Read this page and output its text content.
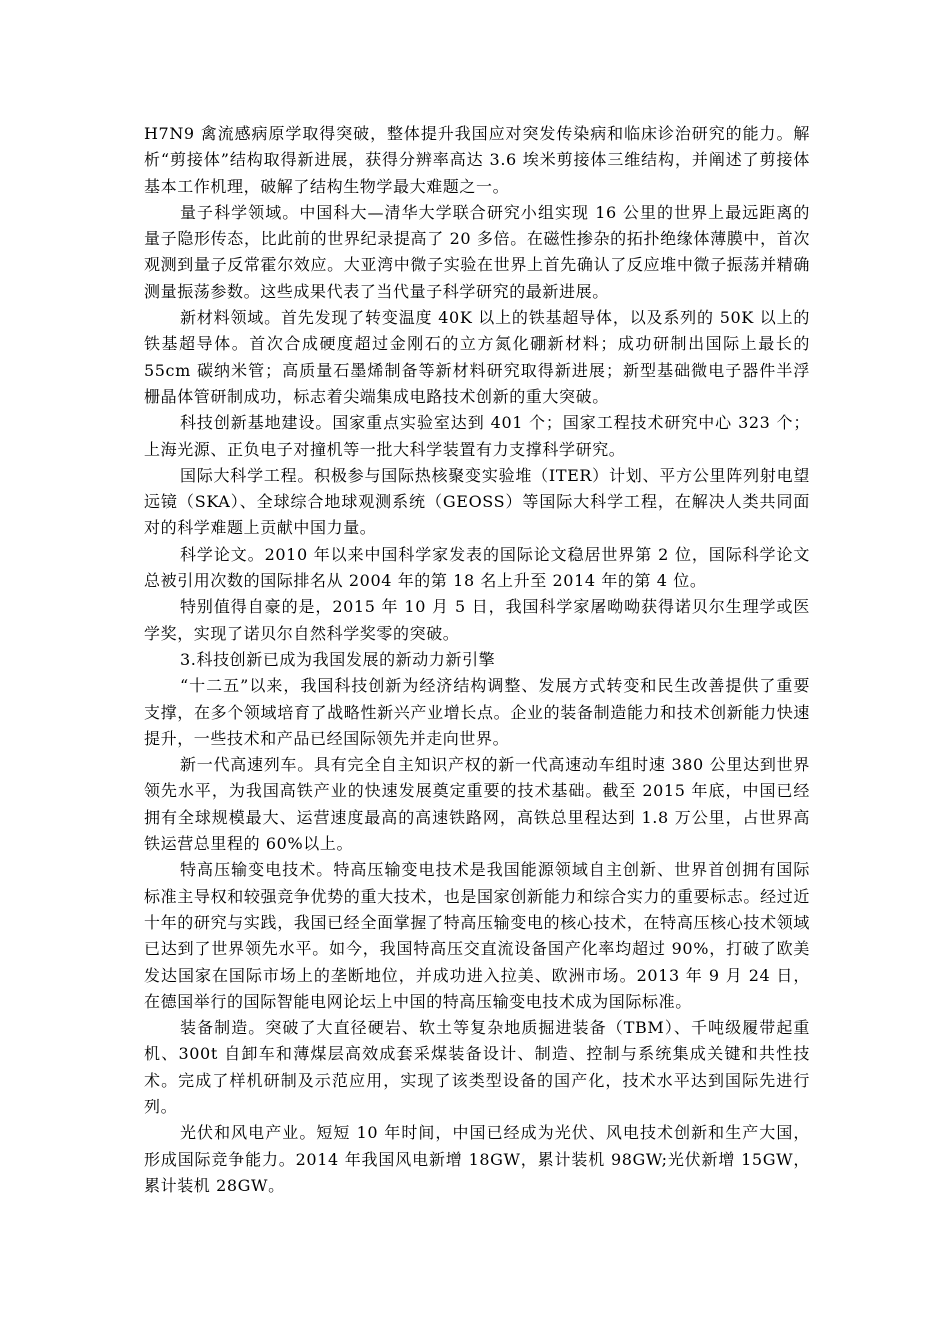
H7N9 禽流感病原学取得突破，整体提升我国应对突发传染病和临床诊治研究的能力。解析“剪接体”结构取得新进展，获得分辨率高达 3.6 埃米剪接体三维结构，并阐述了剪接体基本工作机理，破解了结构生物学最大难题之一。

量子科学领域。中国科大—清华大学联合研究小组实现 16 公里的世界上最远距离的量子隐形传态，比此前的世界纪录提高了 20 多倍。在磁性掺杂的拓扑绝缘体薄膜中，首次观测到量子反常霍尔效应。大亚湾中微子实验在世界上首先确认了反应堆中微子振荡并精确测量振荡参数。这些成果代表了当代量子科学研究的最新进展。

新材料领域。首先发现了转变温度 40K 以上的铁基超导体，以及系列的 50K 以上的铁基超导体。首次合成硬度超过金刚石的立方氮化硼新材料；成功研制出国际上最长的 55cm 碳纳米管；高质量石墨烯制备等新材料研究取得新进展；新型基础微电子器件半浮栅晶体管研制成功，标志着尖端集成电路技术创新的重大突破。

科技创新基地建设。国家重点实验室达到 401 个；国家工程技术研究中心 323 个；上海光源、正负电子对撞机等一批大科学装置有力支撑科学研究。

国际大科学工程。积极参与国际热核聚变实验堆（ITER）计划、平方公里阵列射电望远镜（SKA）、全球综合地球观测系统（GEOSS）等国际大科学工程，在解决人类共同面对的科学难题上贡献中国力量。

科学论文。2010 年以来中国科学家发表的国际论文稳居世界第 2 位，国际科学论文总被引用次数的国际排名从 2004 年的第 18 名上升至 2014 年的第 4 位。

特别值得自豪的是，2015 年 10 月 5 日，我国科学家屠呦呦获得诺贝尔生理学或医学奖，实现了诺贝尔自然科学奖零的突破。

3.科技创新已成为我国发展的新动力新引擎

“十二五”以来，我国科技创新为经济结构调整、发展方式转变和民生改善提供了重要支撑，在多个领域培育了战略性新兴产业增长点。企业的装备制造能力和技术创新能力快速提升，一些技术和产品已经国际领先并走向世界。

新一代高速列车。具有完全自主知识产权的新一代高速动车组时速 380 公里达到世界领先水平，为我国高铁产业的快速发展奠定重要的技术基础。截至 2015 年底，中国已经拥有全球规模最大、运营速度最高的高速铁路网，高铁总里程达到 1.8 万公里，占世界高铁运营总里程的 60%以上。

特高压输变电技术。特高压输变电技术是我国能源领域自主创新、世界首创拥有国际标准主导权和较强竞争优势的重大技术，也是国家创新能力和综合实力的重要标志。经过近十年的研究与实践，我国已经全面掌握了特高压输变电的核心技术，在特高压核心技术领域已达到了世界领先水平。如今，我国特高压交直流设备国产化率均超过 90%，打破了欧美发达国家在国际市场上的垄断地位，并成功进入拉美、欧洲市场。2013 年 9 月 24 日，在德国举行的国际智能电网论坛上中国的特高压输变电技术成为国际标准。

装备制造。突破了大直径硬岩、软土等复杂地质掘进装备（TBM）、千吨级履带起重机、300t 自卸车和薄煤层高效成套采煤装备设计、制造、控制与系统集成关键和共性技术。完成了样机研制及示范应用，实现了该类型设备的国产化，技术水平达到国际先进行列。

光伏和风电产业。短短 10 年时间，中国已经成为光伏、风电技术创新和生产大国，形成国际竞争能力。2014 年我国风电新增 18GW，累计装机 98GW;光伏新增 15GW，累计装机 28GW。
